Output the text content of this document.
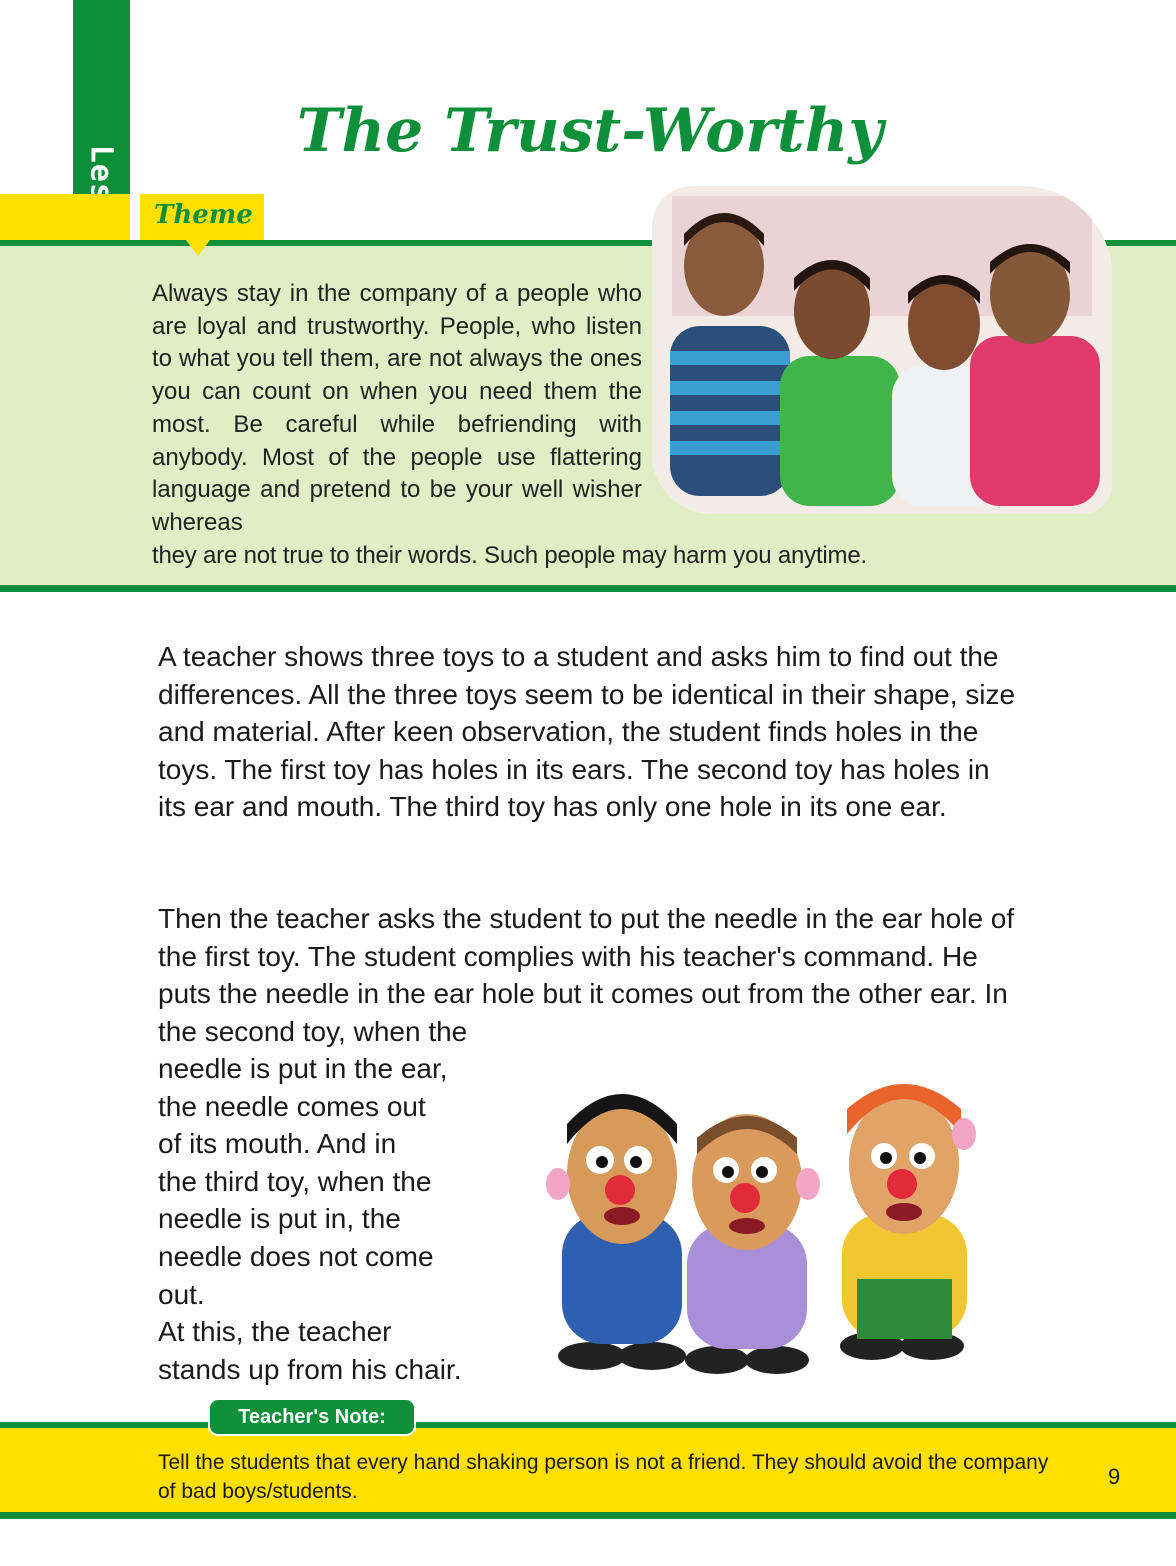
The Trust-Worthy
Theme

Always stay in the company of a people who are loyal and trustworthy. People, who listen to what you tell them, are not always the ones you can count on when you need them the most. Be careful while befriending with anybody. Most of the people use flattering language and pretend to be your well wisher whereas

they are not true to their words. Such people may harm you anytime.

A teacher shows three toys to a student and asks him to find out the differences. All the three toys seem to be identical in their shape, size and material. After keen observation, the student finds holes in the toys. The first toy has holes in its ears. The second toy has holes in its ear and mouth. The third toy has only one hole in its one ear.

Then the teacher asks the student to put the needle in the ear hole of the first toy. The student complies with his teacher's command. He puts the needle in the ear hole but it comes out from the other ear. In the second toy, when the

needle is put in the ear,
the needle comes out
of its mouth. And in
the third toy, when the
needle is put in, the
needle does not come
out.
At this, the teacher
stands up from his chair.

Teacher's Note:

Tell the students that every hand shaking person is not a friend. They should avoid the company of bad boys/students.

9
